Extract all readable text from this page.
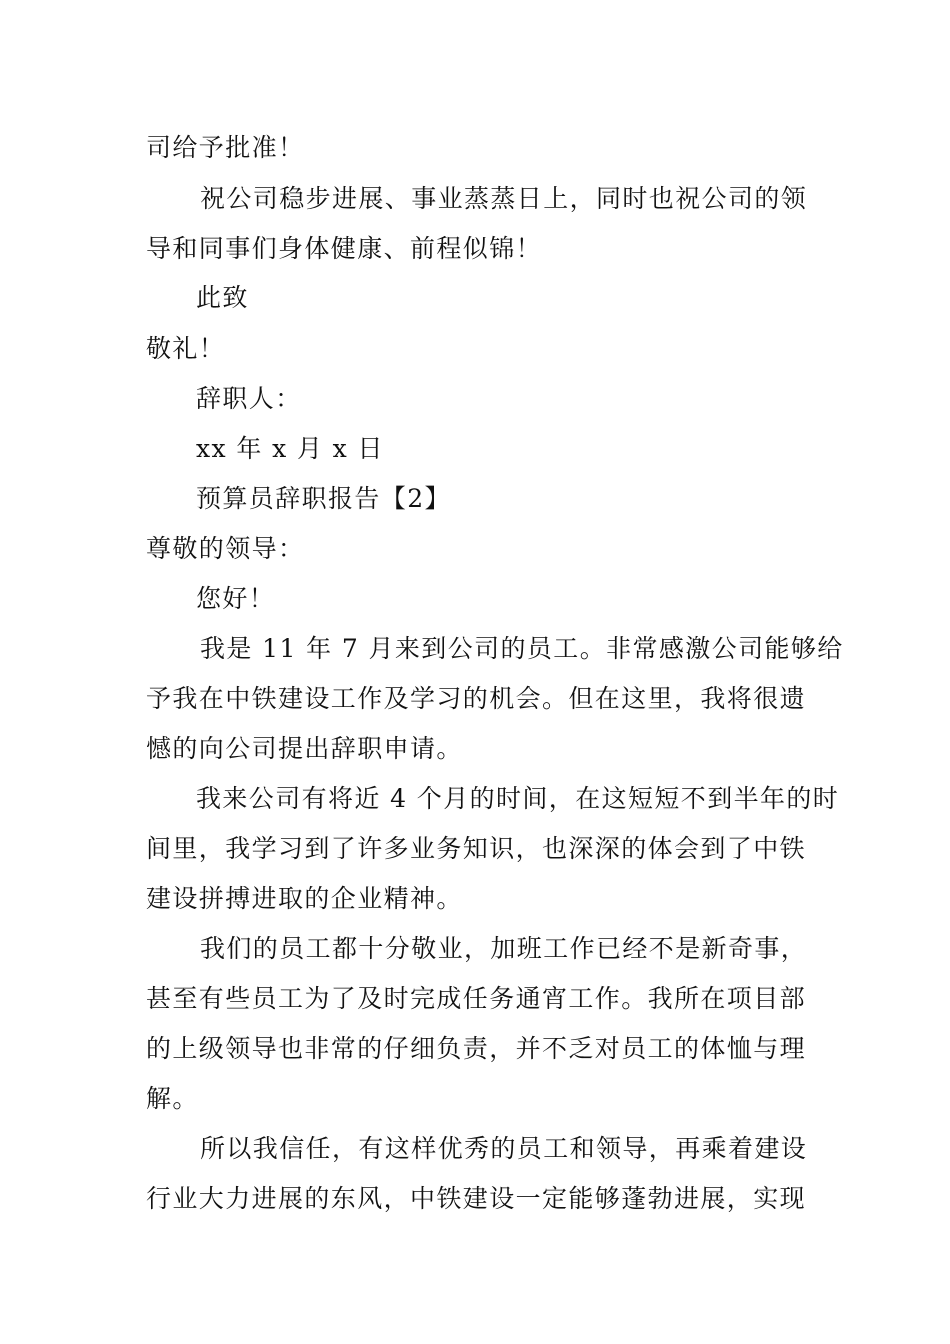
司给予批准！
祝公司稳步进展、事业蒸蒸日上，同时也祝公司的领
导和同事们身体健康、前程似锦！
此致
敬礼！
辞职人：
xx 年 x 月 x 日
预算员辞职报告【2】
尊敬的领导：
您好！
我是 11 年 7 月来到公司的员工。非常感激公司能够给
予我在中铁建设工作及学习的机会。但在这里，我将很遗
憾的向公司提出辞职申请。
我来公司有将近 4 个月的时间，在这短短不到半年的时
间里，我学习到了许多业务知识，也深深的体会到了中铁
建设拼搏进取的企业精神。
我们的员工都十分敬业，加班工作已经不是新奇事，
甚至有些员工为了及时完成任务通宵工作。我所在项目部
的上级领导也非常的仔细负责，并不乏对员工的体恤与理
解。
所以我信任，有这样优秀的员工和领导，再乘着建设
行业大力进展的东风，中铁建设一定能够蓬勃进展，实现
